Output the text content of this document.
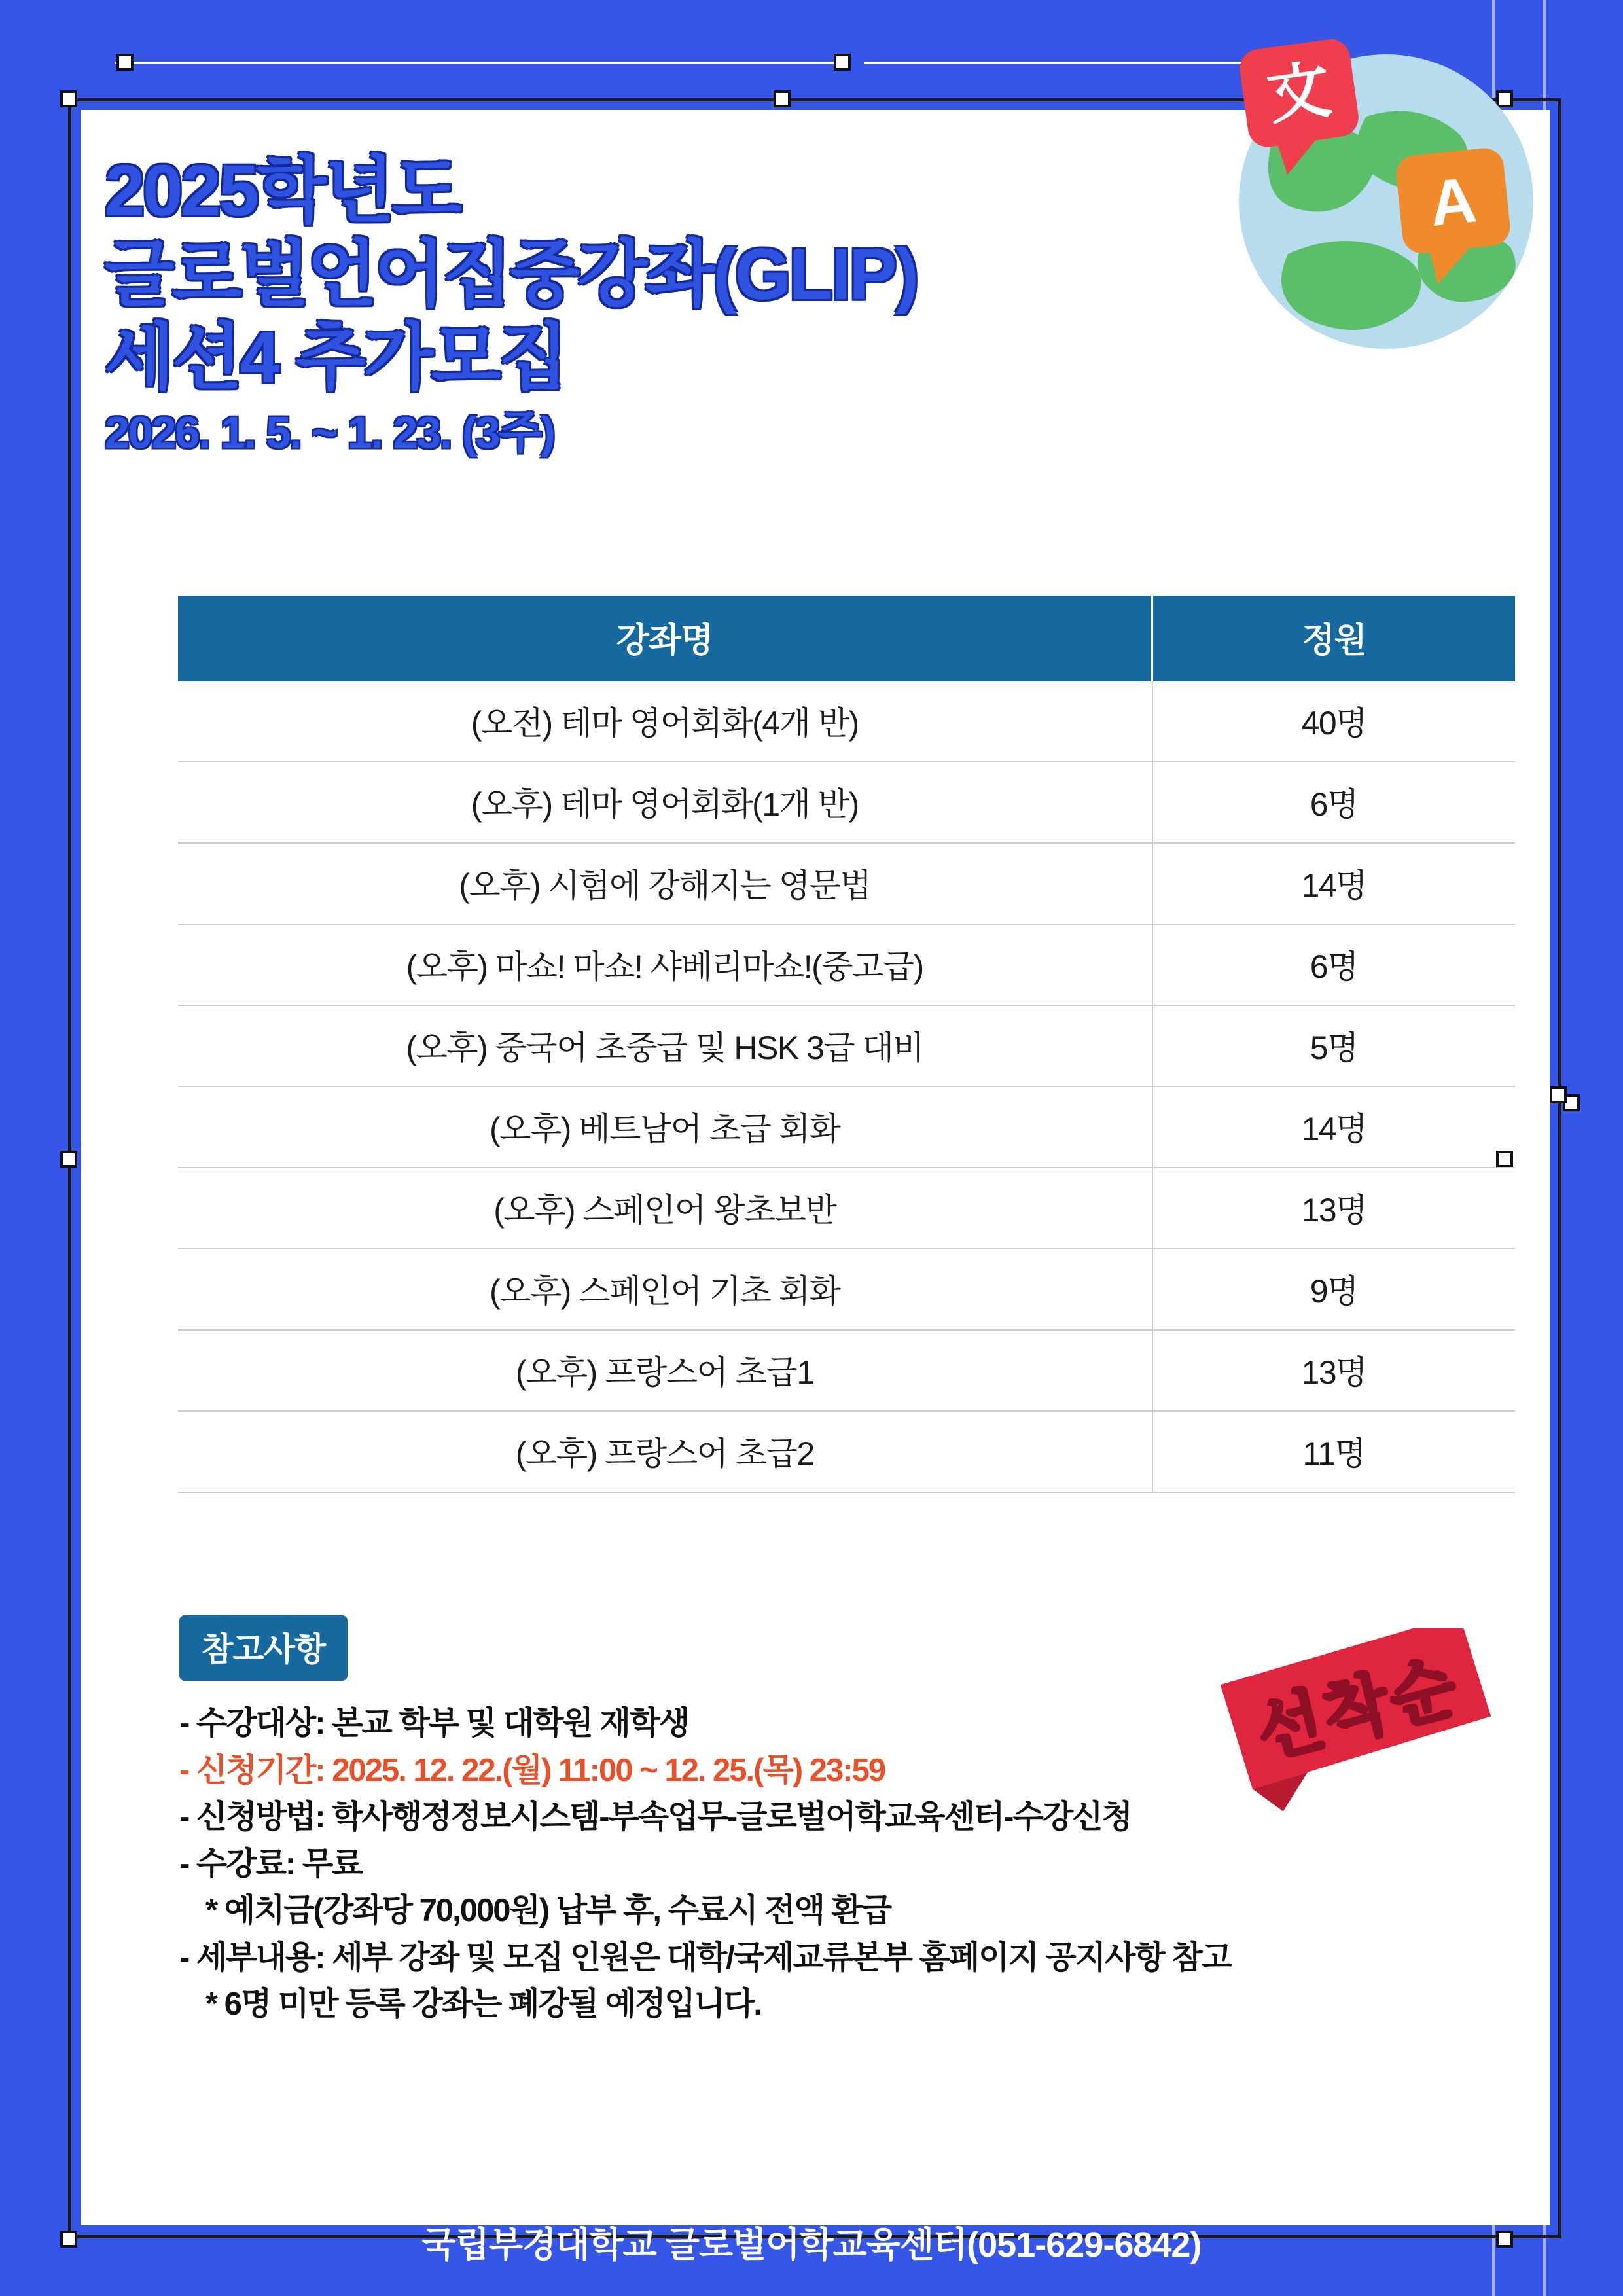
文
A
2025학년도
글로벌언어집중강좌(GLIP)
세션4 추가모집
2026. 1. 5. ~ 1. 23. (3주)
강좌명	정원
(오전) 테마 영어회화(4개 반)	40명
(오후) 테마 영어회화(1개 반)	6명
(오후) 시험에 강해지는 영문법	14명
(오후) 마쇼! 마쇼! 샤베리마쇼!(중고급)	6명
(오후) 중국어 초중급 및 HSK 3급 대비	5명
(오후) 베트남어 초급 회화	14명
(오후) 스페인어 왕초보반	13명
(오후) 스페인어 기초 회화	9명
(오후) 프랑스어 초급1	13명
(오후) 프랑스어 초급2	11명
선착순
참고사항
- 수강대상: 본교 학부 및 대학원 재학생
- 신청기간: 2025. 12. 22.(월) 11:00 ~ 12. 25.(목) 23:59
- 신청방법: 학사행정정보시스템-부속업무-글로벌어학교육센터-수강신청
- 수강료: 무료
* 예치금(강좌당 70,000원) 납부 후, 수료시 전액 환급
- 세부내용: 세부 강좌 및 모집 인원은 대학/국제교류본부 홈페이지 공지사항 참고
* 6명 미만 등록 강좌는 폐강될 예정입니다.
국립부경대학교 글로벌어학교육센터(051-629-6842)
